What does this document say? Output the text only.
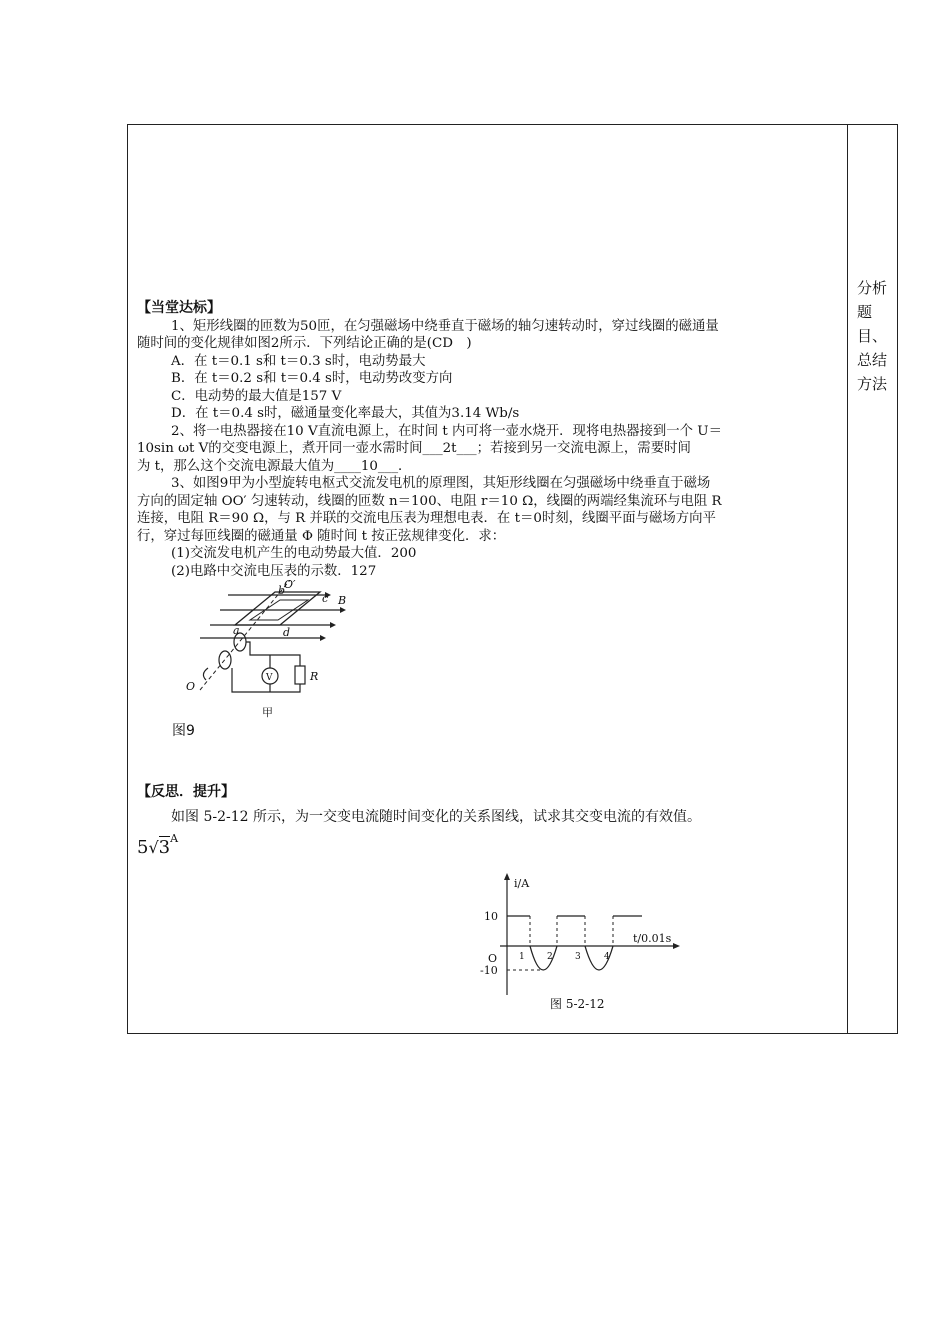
分析
题
目、
总结
方法

【当堂达标】

1、矩形线圈的匝数为50匝，在匀强磁场中绕垂直于磁场的轴匀速转动时，穿过线圈的磁通量

随时间的变化规律如图2所示．下列结论正确的是(CD　)

A．在 t＝0.1 s和 t＝0.3 s时，电动势最大

B．在 t＝0.2 s和 t＝0.4 s时，电动势改变方向

C．电动势的最大值是157 V

D．在 t＝0.4 s时，磁通量变化率最大，其值为3.14 Wb/s

2、将一电热器接在10 V直流电源上，在时间 t 内可将一壶水烧开．现将电热器接到一个 U＝

10sin ωt V的交变电源上，煮开同一壶水需时间___2t___；若接到另一交流电源上，需要时间

为 t，那么这个交流电源最大值为____10___．

3、如图9甲为小型旋转电枢式交流发电机的原理图，其矩形线圈在匀强磁场中绕垂直于磁场

方向的固定轴 OO′ 匀速转动，线圈的匝数 n＝100、电阻 r＝10 Ω，线圈的两端经集流环与电阻 R

连接，电阻 R＝90 Ω，与 R 并联的交流电压表为理想电表．在 t＝0时刻，线圈平面与磁场方向平

行，穿过每匝线圈的磁通量 Φ 随时间 t 按正弦规律变化．求：

(1)交流发电机产生的电动势最大值．200

(2)电路中交流电压表的示数．127

O
O′
a
b
c
d
B
V	R
甲
图9
【反思．提升】
如图 5-2-12 所示，为一交变电流随时间变化的关系图线，试求其交变电流的有效值。
$5√3^A$
i/A
t/0.01s
10
-10
O 1 2 3	4
图 5-2-12
